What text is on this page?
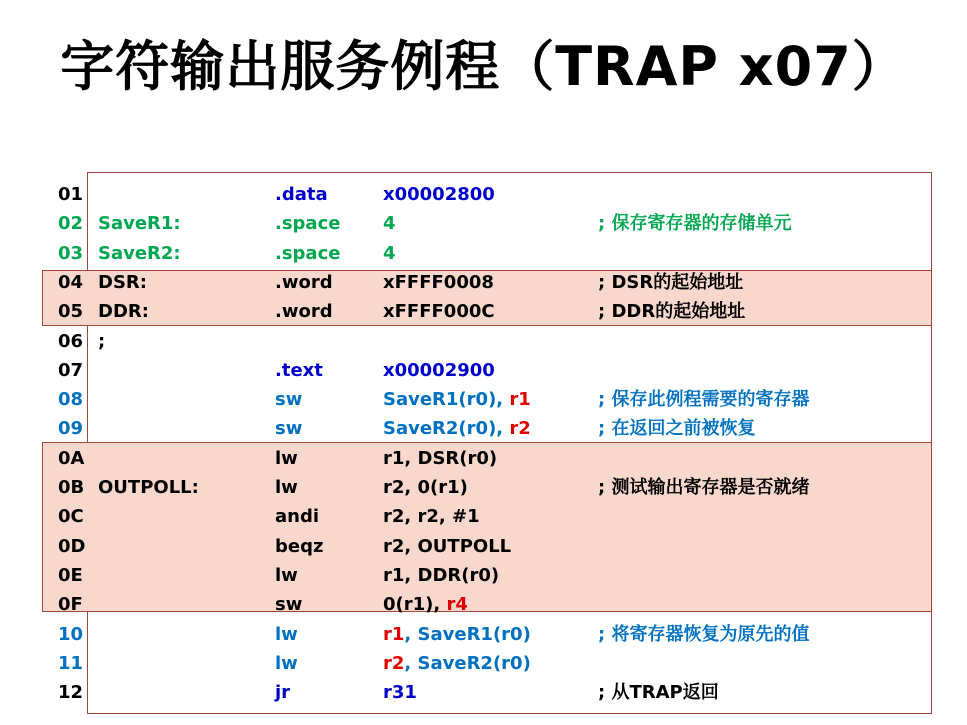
字符输出服务例程（TRAP x07）
01	.data	x00002800
02 SaveR1:	.space 4	; 保存寄存器的存储单元
03 SaveR2:	.space 4
04 DSR:	.word	xFFFF0008	; DSR的起始地址
05 DDR:	.word	xFFFF000C	; DDR的起始地址
06 ;
07	.text	x00002900
08	sw	SaveR1(r0), r1	; 保存此例程需要的寄存器
09	sw	SaveR2(r0), r2	; 在返回之前被恢复
0A	lw	r1, DSR(r0)
0B OUTPOLL:	lw	r2, 0(r1)	; 测试输出寄存器是否就绪
0C	andi	r2, r2, #1
0D	beqz	r2, OUTPOLL
0E	lw	r1, DDR(r0)
0F	sw	0(r1), r4
10	lw	r1, SaveR1(r0)	; 将寄存器恢复为原先的值
11	lw	r2, SaveR2(r0)
12	jr	r31	; 从TRAP返回
